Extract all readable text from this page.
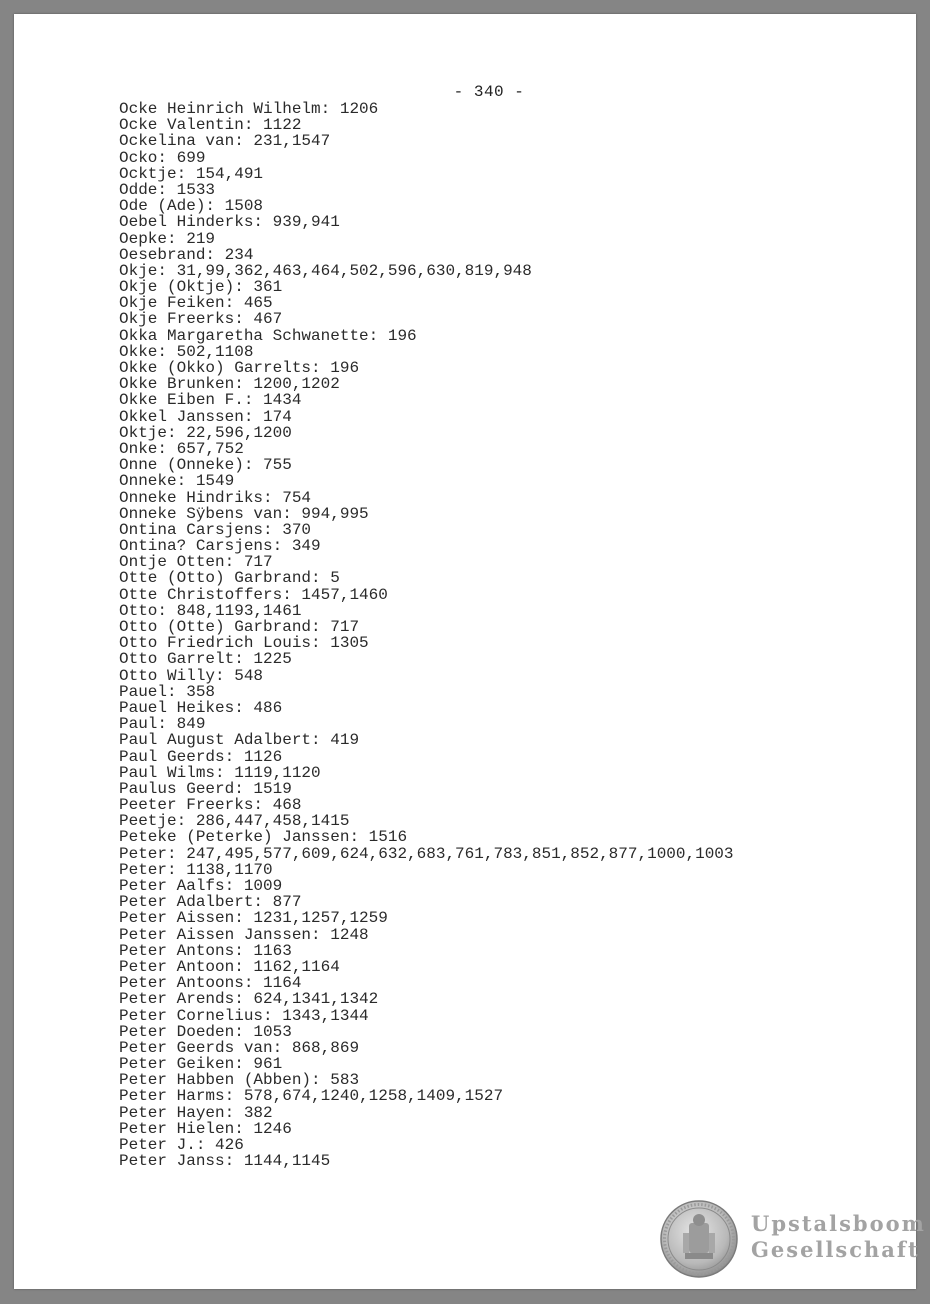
- 340 -
Ocke Heinrich Wilhelm: 1206
Ocke Valentin: 1122
Ockelina van: 231,1547
Ocko: 699
Ocktje: 154,491
Odde: 1533
Ode (Ade): 1508
Oebel Hinderks: 939,941
Oepke: 219
Oesebrand: 234
Okje: 31,99,362,463,464,502,596,630,819,948
Okje (Oktje): 361
Okje Feiken: 465
Okje Freerks: 467
Okka Margaretha Schwanette: 196
Okke: 502,1108
Okke (Okko) Garrelts: 196
Okke Brunken: 1200,1202
Okke Eiben F.: 1434
Okkel Janssen: 174
Oktje: 22,596,1200
Onke: 657,752
Onne (Onneke): 755
Onneke: 1549
Onneke Hindriks: 754
Onneke Sÿbens van: 994,995
Ontina Carsjens: 370
Ontina? Carsjens: 349
Ontje Otten: 717
Otte (Otto) Garbrand: 5
Otte Christoffers: 1457,1460
Otto: 848,1193,1461
Otto (Otte) Garbrand: 717
Otto Friedrich Louis: 1305
Otto Garrelt: 1225
Otto Willy: 548
Pauel: 358
Pauel Heikes: 486
Paul: 849
Paul August Adalbert: 419
Paul Geerds: 1126
Paul Wilms: 1119,1120
Paulus Geerd: 1519
Peeter Freerks: 468
Peetje: 286,447,458,1415
Peteke (Peterke) Janssen: 1516
Peter: 247,495,577,609,624,632,683,761,783,851,852,877,1000,1003
Peter: 1138,1170
Peter Aalfs: 1009
Peter Adalbert: 877
Peter Aissen: 1231,1257,1259
Peter Aissen Janssen: 1248
Peter Antons: 1163
Peter Antoon: 1162,1164
Peter Antoons: 1164
Peter Arends: 624,1341,1342
Peter Cornelius: 1343,1344
Peter Doeden: 1053
Peter Geerds van: 868,869
Peter Geiken: 961
Peter Habben (Abben): 583
Peter Harms: 578,674,1240,1258,1409,1527
Peter Hayen: 382
Peter Hielen: 1246
Peter J.: 426
Peter Janss: 1144,1145
Upstalsboom
Gesellschaft
